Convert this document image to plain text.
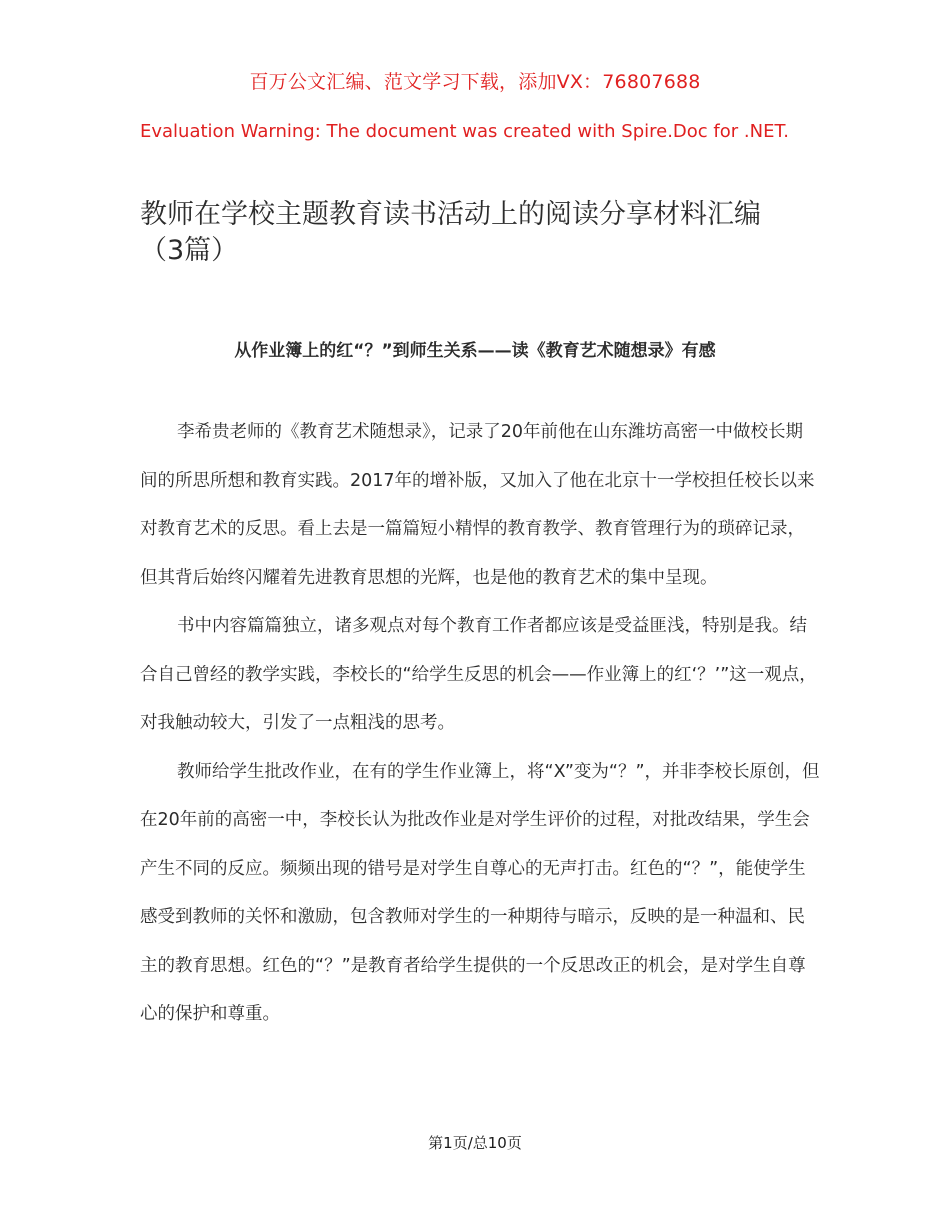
百万公文汇编、范文学习下载，添加VX：76807688
Evaluation Warning: The document was created with Spire.Doc for .NET.
教师在学校主题教育读书活动上的阅读分享材料汇编
（3篇）
从作业簿上的红“？”到师生关系——读《教育艺术随想录》有感

李希贵老师的《教育艺术随想录》，记录了20年前他在山东潍坊高密一中做校长期间的所思所想和教育实践。2017年的增补版，又加入了他在北京十一学校担任校长以来对教育艺术的反思。看上去是一篇篇短小精悍的教育教学、教育管理行为的琐碎记录，但其背后始终闪耀着先进教育思想的光辉，也是他的教育艺术的集中呈现。

书中内容篇篇独立，诸多观点对每个教育工作者都应该是受益匪浅，特别是我。结合自己曾经的教学实践，李校长的“给学生反思的机会——作业簿上的红‘？’”这一观点，对我触动较大，引发了一点粗浅的思考。

教师给学生批改作业，在有的学生作业簿上，将“X”变为“？”，并非李校长原创，但在20年前的高密一中，李校长认为批改作业是对学生评价的过程，对批改结果，学生会产生不同的反应。频频出现的错号是对学生自尊心的无声打击。红色的“？”，能使学生感受到教师的关怀和激励，包含教师对学生的一种期待与暗示，反映的是一种温和、民主的教育思想。红色的“？”是教育者给学生提供的一个反思改正的机会，是对学生自尊心的保护和尊重。

第1页/总10页
